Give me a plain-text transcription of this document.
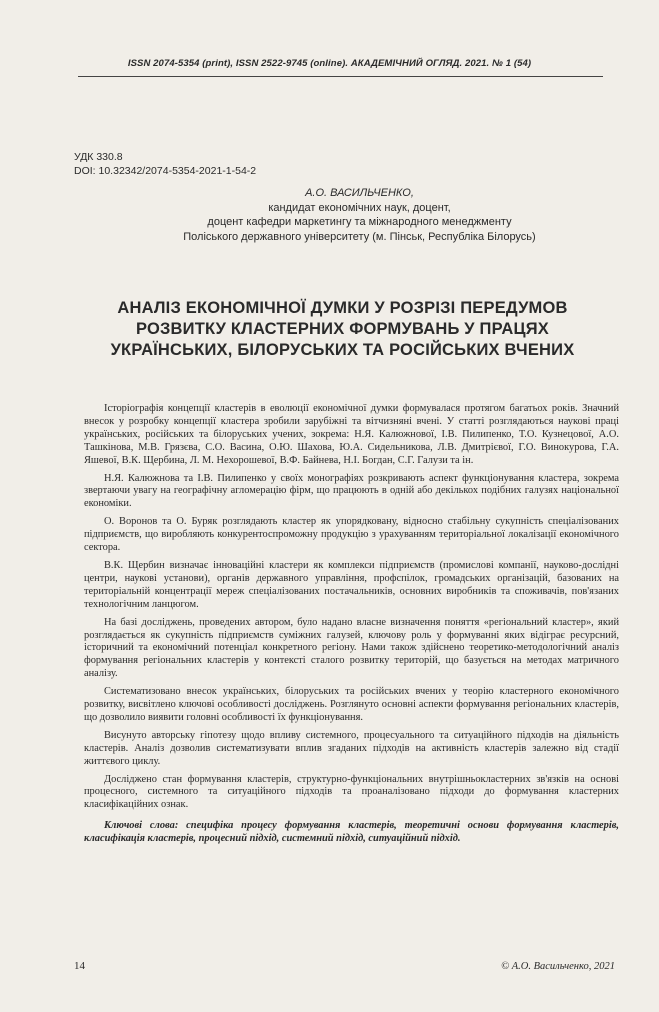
ISSN 2074-5354 (print), ISSN 2522-9745 (online). АКАДЕМІЧНИЙ ОГЛЯД. 2021. № 1 (54)
УДК 330.8
DOI: 10.32342/2074-5354-2021-1-54-2
А.О. ВАСИЛЬЧЕНКО,
кандидат економічних наук, доцент,
доцент кафедри маркетингу та міжнародного менеджменту
Поліського державного університету (м. Пінськ, Республіка Білорусь)
АНАЛІЗ ЕКОНОМІЧНОЇ ДУМКИ У РОЗРІЗІ ПЕРЕДУМОВ
РОЗВИТКУ КЛАСТЕРНИХ ФОРМУВАНЬ У ПРАЦЯХ
УКРАЇНСЬКИХ, БІЛОРУСЬКИХ ТА РОСІЙСЬКИХ ВЧЕНИХ

Історіографія концепції кластерів в еволюції економічної думки формувалася протягом багатьох років. Значний внесок у розробку концепції кластера зробили зарубіжні та вітчизняні вчені. У статті розглядаються наукові праці українських, російських та білоруських учених, зокрема: Н.Я. Калюжнової, І.В. Пилипенко, Т.О. Кузнецової, А.О. Ташкінова, М.В. Грязєва, С.О. Васина, О.Ю. Шахова, Ю.А. Сидельникова, Л.В. Дмитрієвої, Г.О. Винокурова, Г.А. Яшевої, В.К. Щербина, Л. М. Нехорошевої, В.Ф. Байнева, Н.І. Богдан, С.Г. Галузи та ін.

Н.Я. Калюжнова та І.В. Пилипенко у своїх монографіях розкривають аспект функціонування кластера, зокрема звертаючи увагу на географічну агломерацію фірм, що працюють в одній або декількох подібних галузях національної економіки.

О. Воронов та О. Буряк розглядають кластер як упорядковану, відносно стабільну сукупність спеціалізованих підприємств, що виробляють конкурентоспроможну продукцію з урахуванням територіальної локалізації економічного сектора.

В.К. Щербин визначає інноваційні кластери як комплекси підприємств (промислові компанії, науково-дослідні центри, наукові установи), органів державного управління, профспілок, громадських організацій, базованих на територіальній концентрації мереж спеціалізованих постачальників, основних виробників та споживачів, пов'язаних технологічним ланцюгом.

На базі досліджень, проведених автором, було надано власне визначення поняття «регіональний кластер», який розглядається як сукупність підприємств суміжних галузей, ключову роль у формуванні яких відіграє ресурсний, історичний та економічний потенціал конкретного регіону. Нами також здійснено теоретико-методологічний аналіз формування регіональних кластерів у контексті сталого розвитку територій, що базується на методах матричного аналізу.

Систематизовано внесок українських, білоруських та російських вчених у теорію кластерного економічного розвитку, висвітлено ключові особливості досліджень. Розглянуто основні аспекти формування регіональних кластерів, що дозволило виявити головні особливості їх функціонування.

Висунуто авторську гіпотезу щодо впливу системного, процесуального та ситуаційного підходів на діяльність кластерів. Аналіз дозволив систематизувати вплив згаданих підходів на активність кластерів залежно від стадії життєвого циклу.

Досліджено стан формування кластерів, структурно-функціональних внутрішньокластерних зв'язків на основі процесного, системного та ситуаційного підходів та проаналізовано підходи до формування кластерних класифікаційних ознак.

Ключові слова: специфіка процесу формування кластерів, теоретичні основи формування кластерів, класифікація кластерів, процесний підхід, системний підхід, ситуаційний підхід.

14	© А.О. Васильченко, 2021
